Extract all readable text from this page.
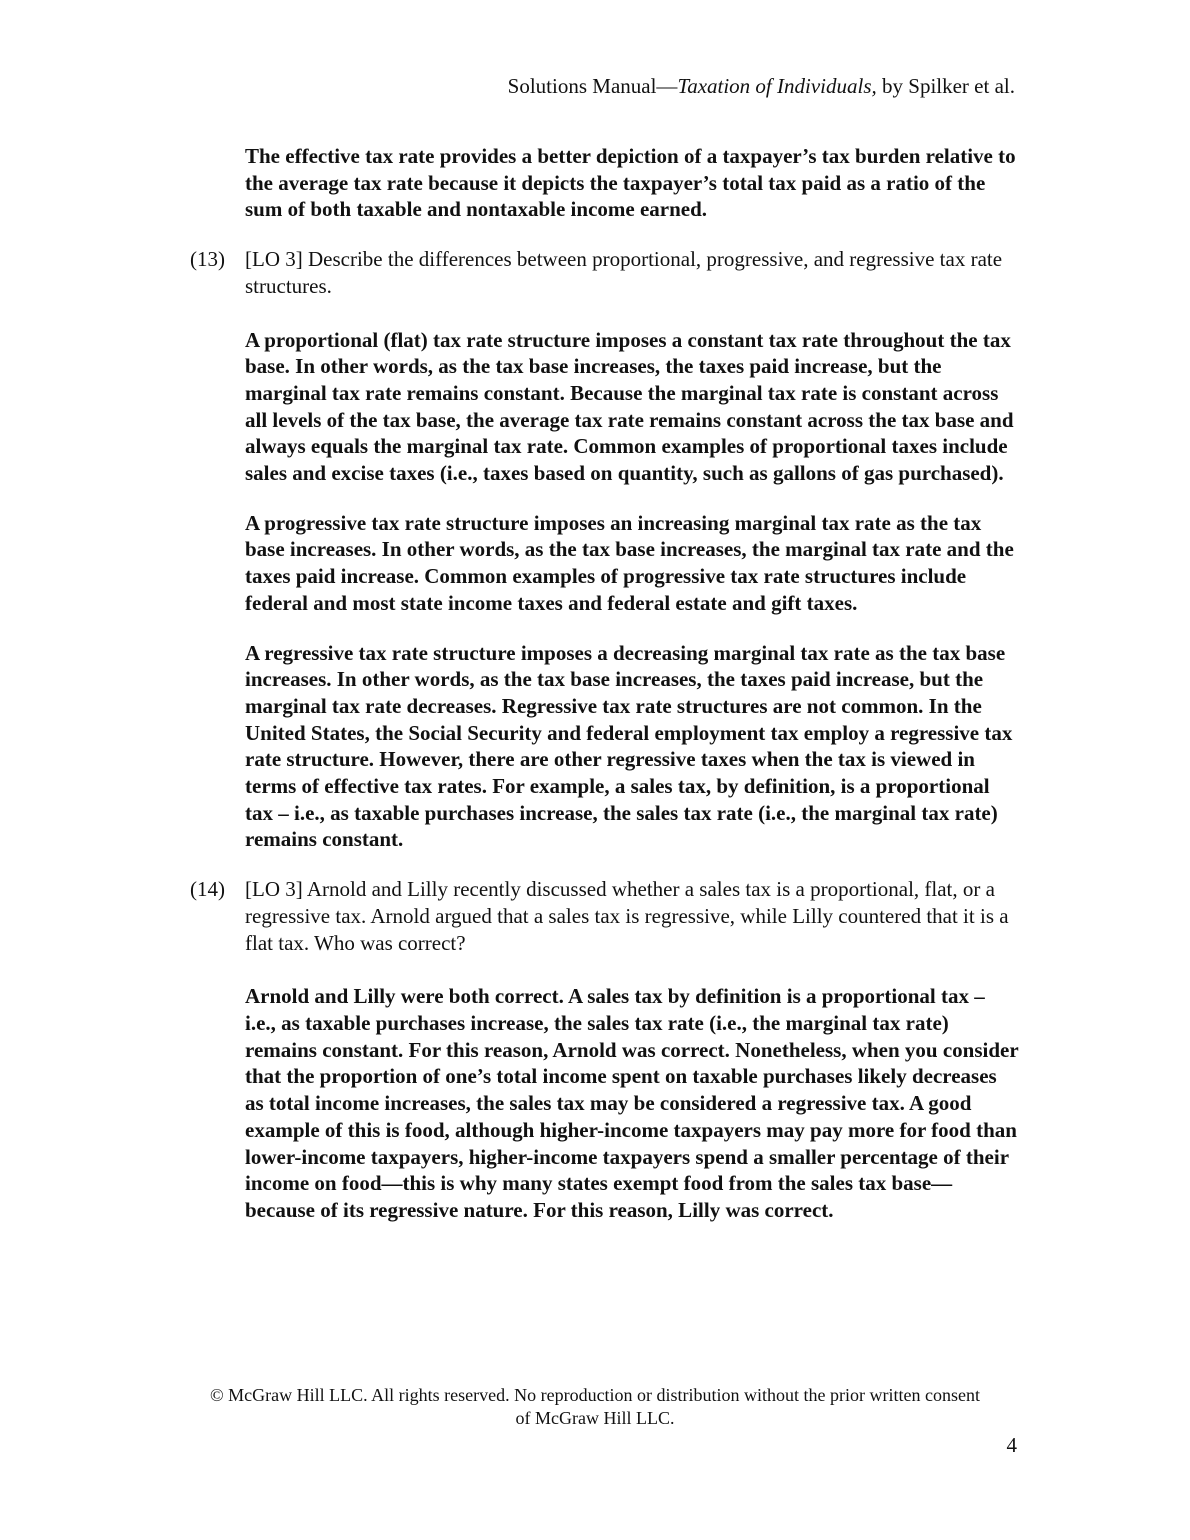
Solutions Manual—Taxation of Individuals, by Spilker et al.
The effective tax rate provides a better depiction of a taxpayer’s tax burden relative to the average tax rate because it depicts the taxpayer’s total tax paid as a ratio of the sum of both taxable and nontaxable income earned.
(13) [LO 3] Describe the differences between proportional, progressive, and regressive tax rate structures.
A proportional (flat) tax rate structure imposes a constant tax rate throughout the tax base. In other words, as the tax base increases, the taxes paid increase, but the marginal tax rate remains constant. Because the marginal tax rate is constant across all levels of the tax base, the average tax rate remains constant across the tax base and always equals the marginal tax rate. Common examples of proportional taxes include sales and excise taxes (i.e., taxes based on quantity, such as gallons of gas purchased).
A progressive tax rate structure imposes an increasing marginal tax rate as the tax base increases. In other words, as the tax base increases, the marginal tax rate and the taxes paid increase. Common examples of progressive tax rate structures include federal and most state income taxes and federal estate and gift taxes.
A regressive tax rate structure imposes a decreasing marginal tax rate as the tax base increases. In other words, as the tax base increases, the taxes paid increase, but the marginal tax rate decreases. Regressive tax rate structures are not common. In the United States, the Social Security and federal employment tax employ a regressive tax rate structure. However, there are other regressive taxes when the tax is viewed in terms of effective tax rates. For example, a sales tax, by definition, is a proportional tax – i.e., as taxable purchases increase, the sales tax rate (i.e., the marginal tax rate) remains constant.
(14) [LO 3] Arnold and Lilly recently discussed whether a sales tax is a proportional, flat, or a regressive tax. Arnold argued that a sales tax is regressive, while Lilly countered that it is a flat tax. Who was correct?
Arnold and Lilly were both correct. A sales tax by definition is a proportional tax – i.e., as taxable purchases increase, the sales tax rate (i.e., the marginal tax rate) remains constant. For this reason, Arnold was correct. Nonetheless, when you consider that the proportion of one’s total income spent on taxable purchases likely decreases as total income increases, the sales tax may be considered a regressive tax. A good example of this is food, although higher-income taxpayers may pay more for food than lower-income taxpayers, higher-income taxpayers spend a smaller percentage of their income on food—this is why many states exempt food from the sales tax base—because of its regressive nature. For this reason, Lilly was correct.
© McGraw Hill LLC. All rights reserved. No reproduction or distribution without the prior written consent
of McGraw Hill LLC.
4
